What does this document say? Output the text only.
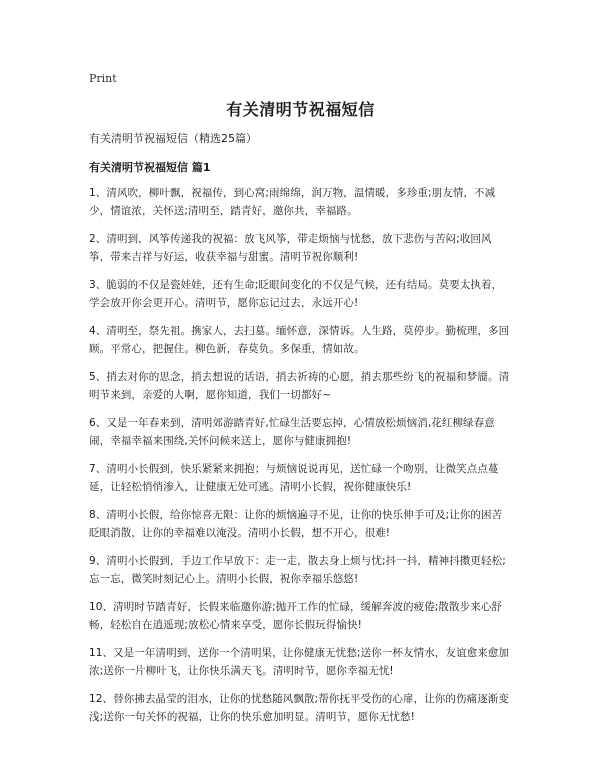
Print
有关清明节祝福短信
有关清明节祝福短信（精选25篇）
有关清明节祝福短信 篇1

1、清风吹，柳叶飘，祝福传，到心窝;雨绵绵，润万物，温情暖，多珍重;朋友情，不减少，情谊浓，关怀送;清明至，踏青好，邀你共，幸福路。

2、清明到，风筝传递我的祝福：放飞风筝，带走烦恼与忧愁，放下悲伤与苦闷;收回风筝，带来吉祥与好运，收获幸福与甜蜜。清明节祝你顺利!

3、脆弱的不仅是瓷娃娃，还有生命;眨眼间变化的不仅是气候，还有结局。莫要太执着，学会放开你会更开心。清明节，愿你忘记过去，永远开心!

4、清明至，祭先祖。携家人，去扫墓。缅怀意，深情诉。人生路，莫停步。勤梳理，多回顾。平常心，把握住。柳色新，春莫负。多保重，情如故。

5、捎去对你的思念，捎去想说的话语，捎去祈祷的心愿，捎去那些纷飞的祝福和梦靥。清明节来到，亲爱的人啊，愿你知道，我们一切都好~

6、又是一年春来到，清明郊游踏青好,忙碌生活要忘掉，心情放松烦恼消,花红柳绿春意闹，幸福幸福来围绕,关怀问候来送上，愿你与健康拥抱!

7、清明小长假到，快乐紧紧来拥抱；与烦恼说说再见，送忙碌一个吻别，让微笑点点蔓延，让轻松悄悄渗入，让健康无处可逃。清明小长假，祝你健康快乐!

8、清明小长假，给你惊喜无限：让你的烦恼遍寻不见，让你的快乐伸手可及;让你的困苦眨眼消散，让你的幸福难以淹没。清明小长假，想不开心，很难!

9、清明小长假到，手边工作早放下：走一走，散去身上烦与忧;抖一抖，精神抖擞更轻松;忘一忘，微笑时刻记心上。清明小长假，祝你幸福乐悠悠!

10、清明时节踏青好，长假来临邀你游;抛开工作的忙碌，缓解奔波的疲倦;散散步来心舒畅，轻松自在逍遥现;放松心情来享受，愿你长假玩得愉快!

11、又是一年清明到，送你一个清明果，让你健康无忧愁;送你一杯友情水，友谊愈来愈加浓;送你一片柳叶飞，让你快乐满天飞。清明时节，愿你幸福无忧!

12、替你拂去晶莹的泪水，让你的忧愁随风飘散;帮你抚平受伤的心扉，让你的伤痛逐渐变浅;送你一句关怀的祝福，让你的快乐愈加明显。清明节，愿你无忧愁!
